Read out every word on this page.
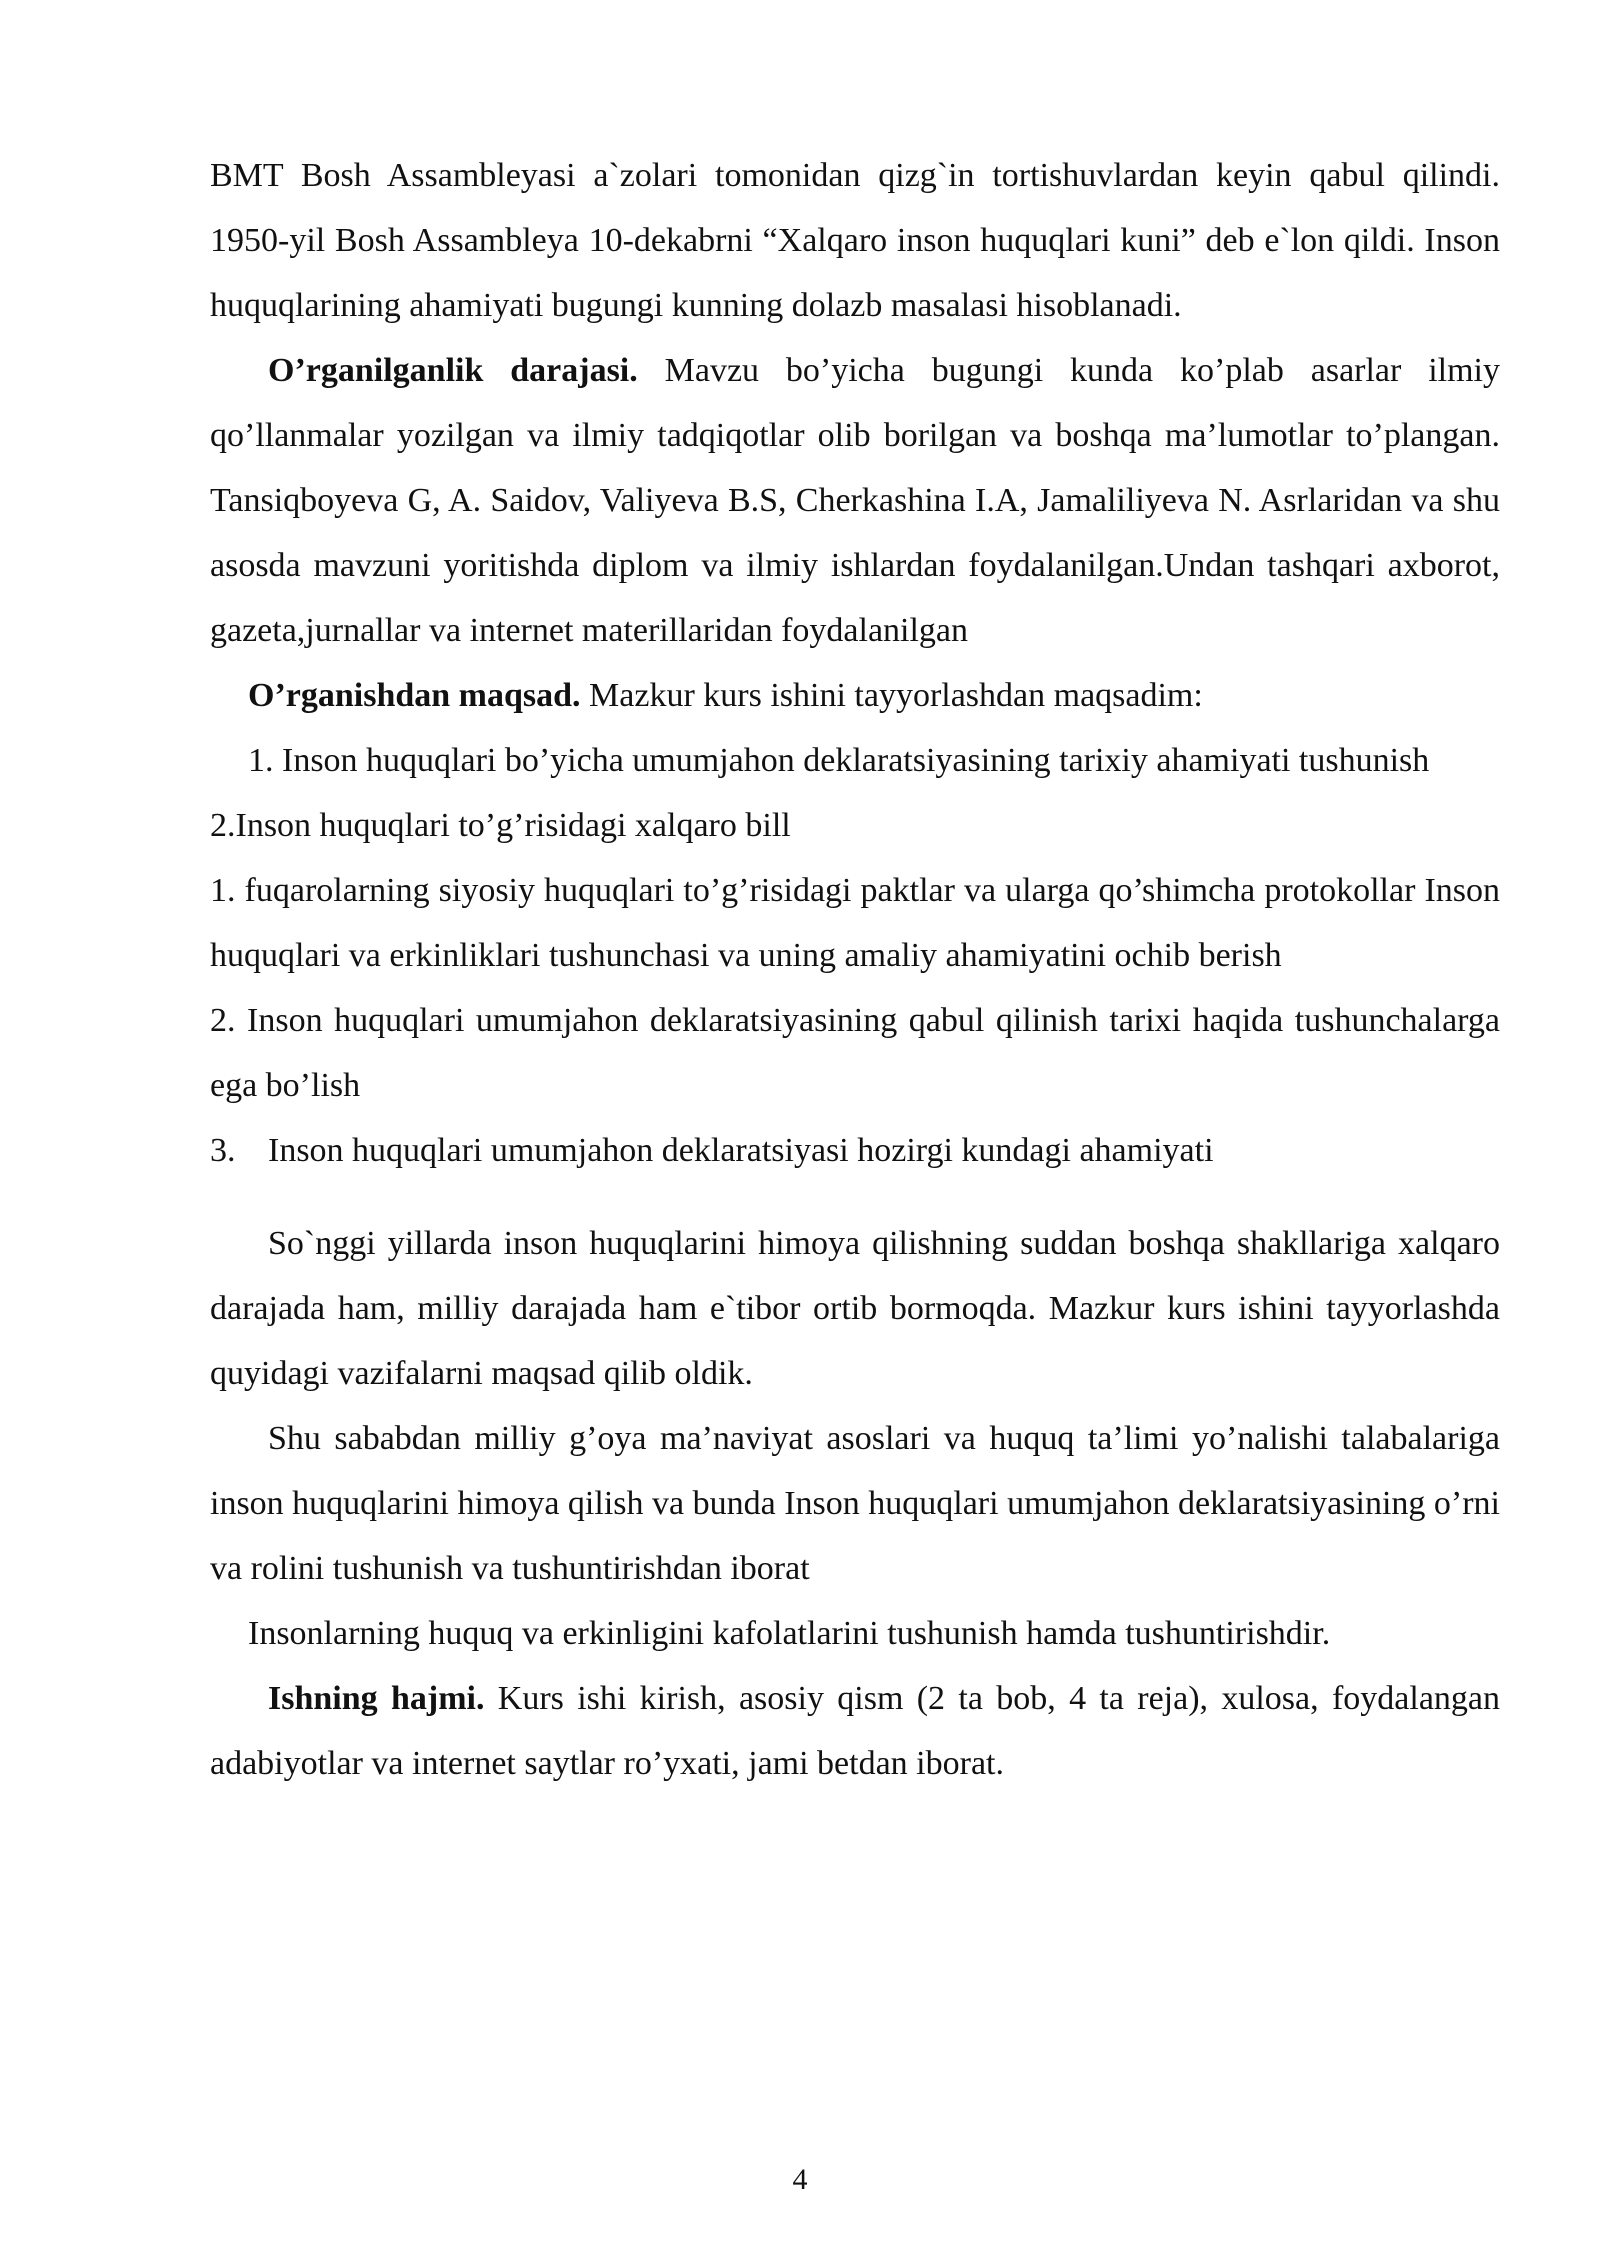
BMT Bosh Assambleyasi a`zolari tomonidan qizg`in tortishuvlardan keyin qabul qilindi. 1950-yil Bosh Assambleya 10-dekabrni “Xalqaro inson huquqlari kuni” deb e`lon qildi. Inson huquqlarining ahamiyati bugungi kunning dolazb masalasi hisoblanadi.

O’rganilganlik darajasi. Mavzu bo’yicha bugungi kunda ko’plab asarlar ilmiy qo’llanmalar yozilgan va ilmiy tadqiqotlar olib borilgan va boshqa ma’lumotlar to’plangan. Tansiqboyeva G, A. Saidov, Valiyeva B.S, Cherkashina I.A, Jamaliliyeva N. Asrlaridan va shu asosda mavzuni yoritishda diplom va ilmiy ishlardan foydalanilgan.Undan tashqari axborot, gazeta,jurnallar va internet materillaridan foydalanilgan

O’rganishdan maqsad. Mazkur kurs ishini tayyorlashdan maqsadim:

1. Inson huquqlari bo’yicha umumjahon deklaratsiyasining tarixiy ahamiyati tushunish

2.Inson huquqlari to’g’risidagi xalqaro bill

1. fuqarolarning siyosiy huquqlari to’g’risidagi paktlar va ularga qo’shimcha protokollar Inson huquqlari va erkinliklari tushunchasi va uning amaliy ahamiyatini ochib berish

2. Inson huquqlari umumjahon deklaratsiyasining qabul qilinish tarixi haqida tushunchalarga ega bo’lish

3. Inson huquqlari umumjahon deklaratsiyasi hozirgi kundagi ahamiyati

So`nggi yillarda inson huquqlarini himoya qilishning suddan boshqa shakllariga xalqaro darajada ham, milliy darajada ham e`tibor ortib bormoqda. Mazkur kurs ishini tayyorlashda quyidagi vazifalarni maqsad qilib oldik.

Shu sababdan milliy g’oya ma’naviyat asoslari va huquq ta’limi yo’nalishi talabalariga inson huquqlarini himoya qilish va bunda Inson huquqlari umumjahon deklaratsiyasining o’rni va rolini tushunish va tushuntirishdan iborat

Insonlarning huquq va erkinligini kafolatlarini tushunish hamda tushuntirishdir.

Ishning hajmi. Kurs ishi kirish, asosiy qism (2 ta bob, 4 ta reja), xulosa, foydalangan adabiyotlar va internet saytlar ro’yxati, jami betdan iborat.

4
